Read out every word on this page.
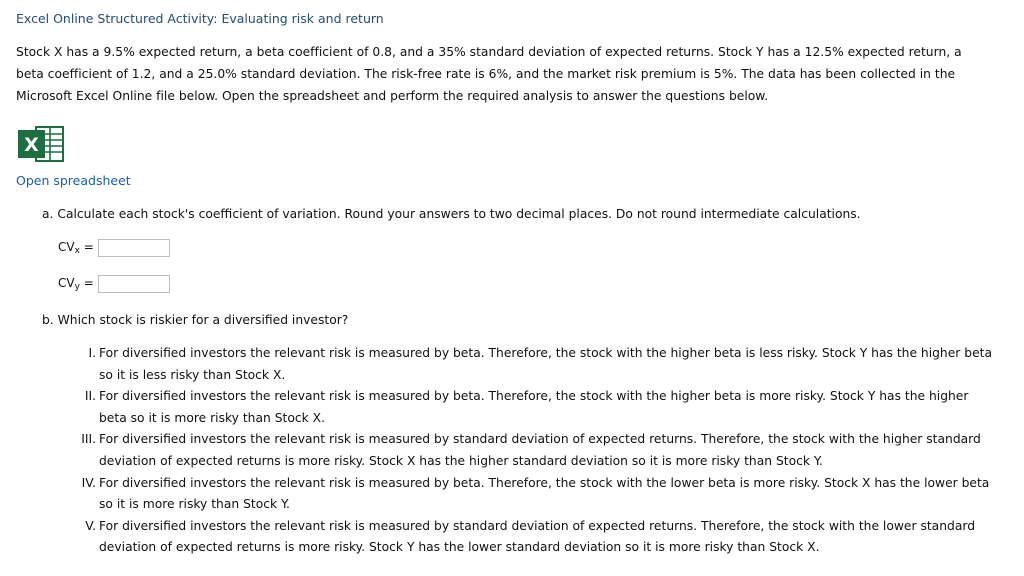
Excel Online Structured Activity: Evaluating risk and return
Stock X has a 9.5% expected return, a beta coefficient of 0.8, and a 35% standard deviation of expected returns. Stock Y has a 12.5% expected return, a beta coefficient of 1.2, and a 25.0% standard deviation. The risk-free rate is 6%, and the market risk premium is 5%. The data has been collected in the Microsoft Excel Online file below. Open the spreadsheet and perform the required analysis to answer the questions below.
X
Open spreadsheet
a. Calculate each stock's coefficient of variation. Round your answers to two decimal places. Do not round intermediate calculations.
$CV_x$ =
$CV_y$ =
b. Which stock is riskier for a diversified investor?
I. For diversified investors the relevant risk is measured by beta. Therefore, the stock with the higher beta is less risky. Stock Y has the higher beta so it is less risky than Stock X.
II. For diversified investors the relevant risk is measured by beta. Therefore, the stock with the higher beta is more risky. Stock Y has the higher beta so it is more risky than Stock X.
III. For diversified investors the relevant risk is measured by standard deviation of expected returns. Therefore, the stock with the higher standard deviation of expected returns is more risky. Stock X has the higher standard deviation so it is more risky than Stock Y.
IV. For diversified investors the relevant risk is measured by beta. Therefore, the stock with the lower beta is more risky. Stock X has the lower beta so it is more risky than Stock Y.
V. For diversified investors the relevant risk is measured by standard deviation of expected returns. Therefore, the stock with the lower standard deviation of expected returns is more risky. Stock Y has the lower standard deviation so it is more risky than Stock X.
